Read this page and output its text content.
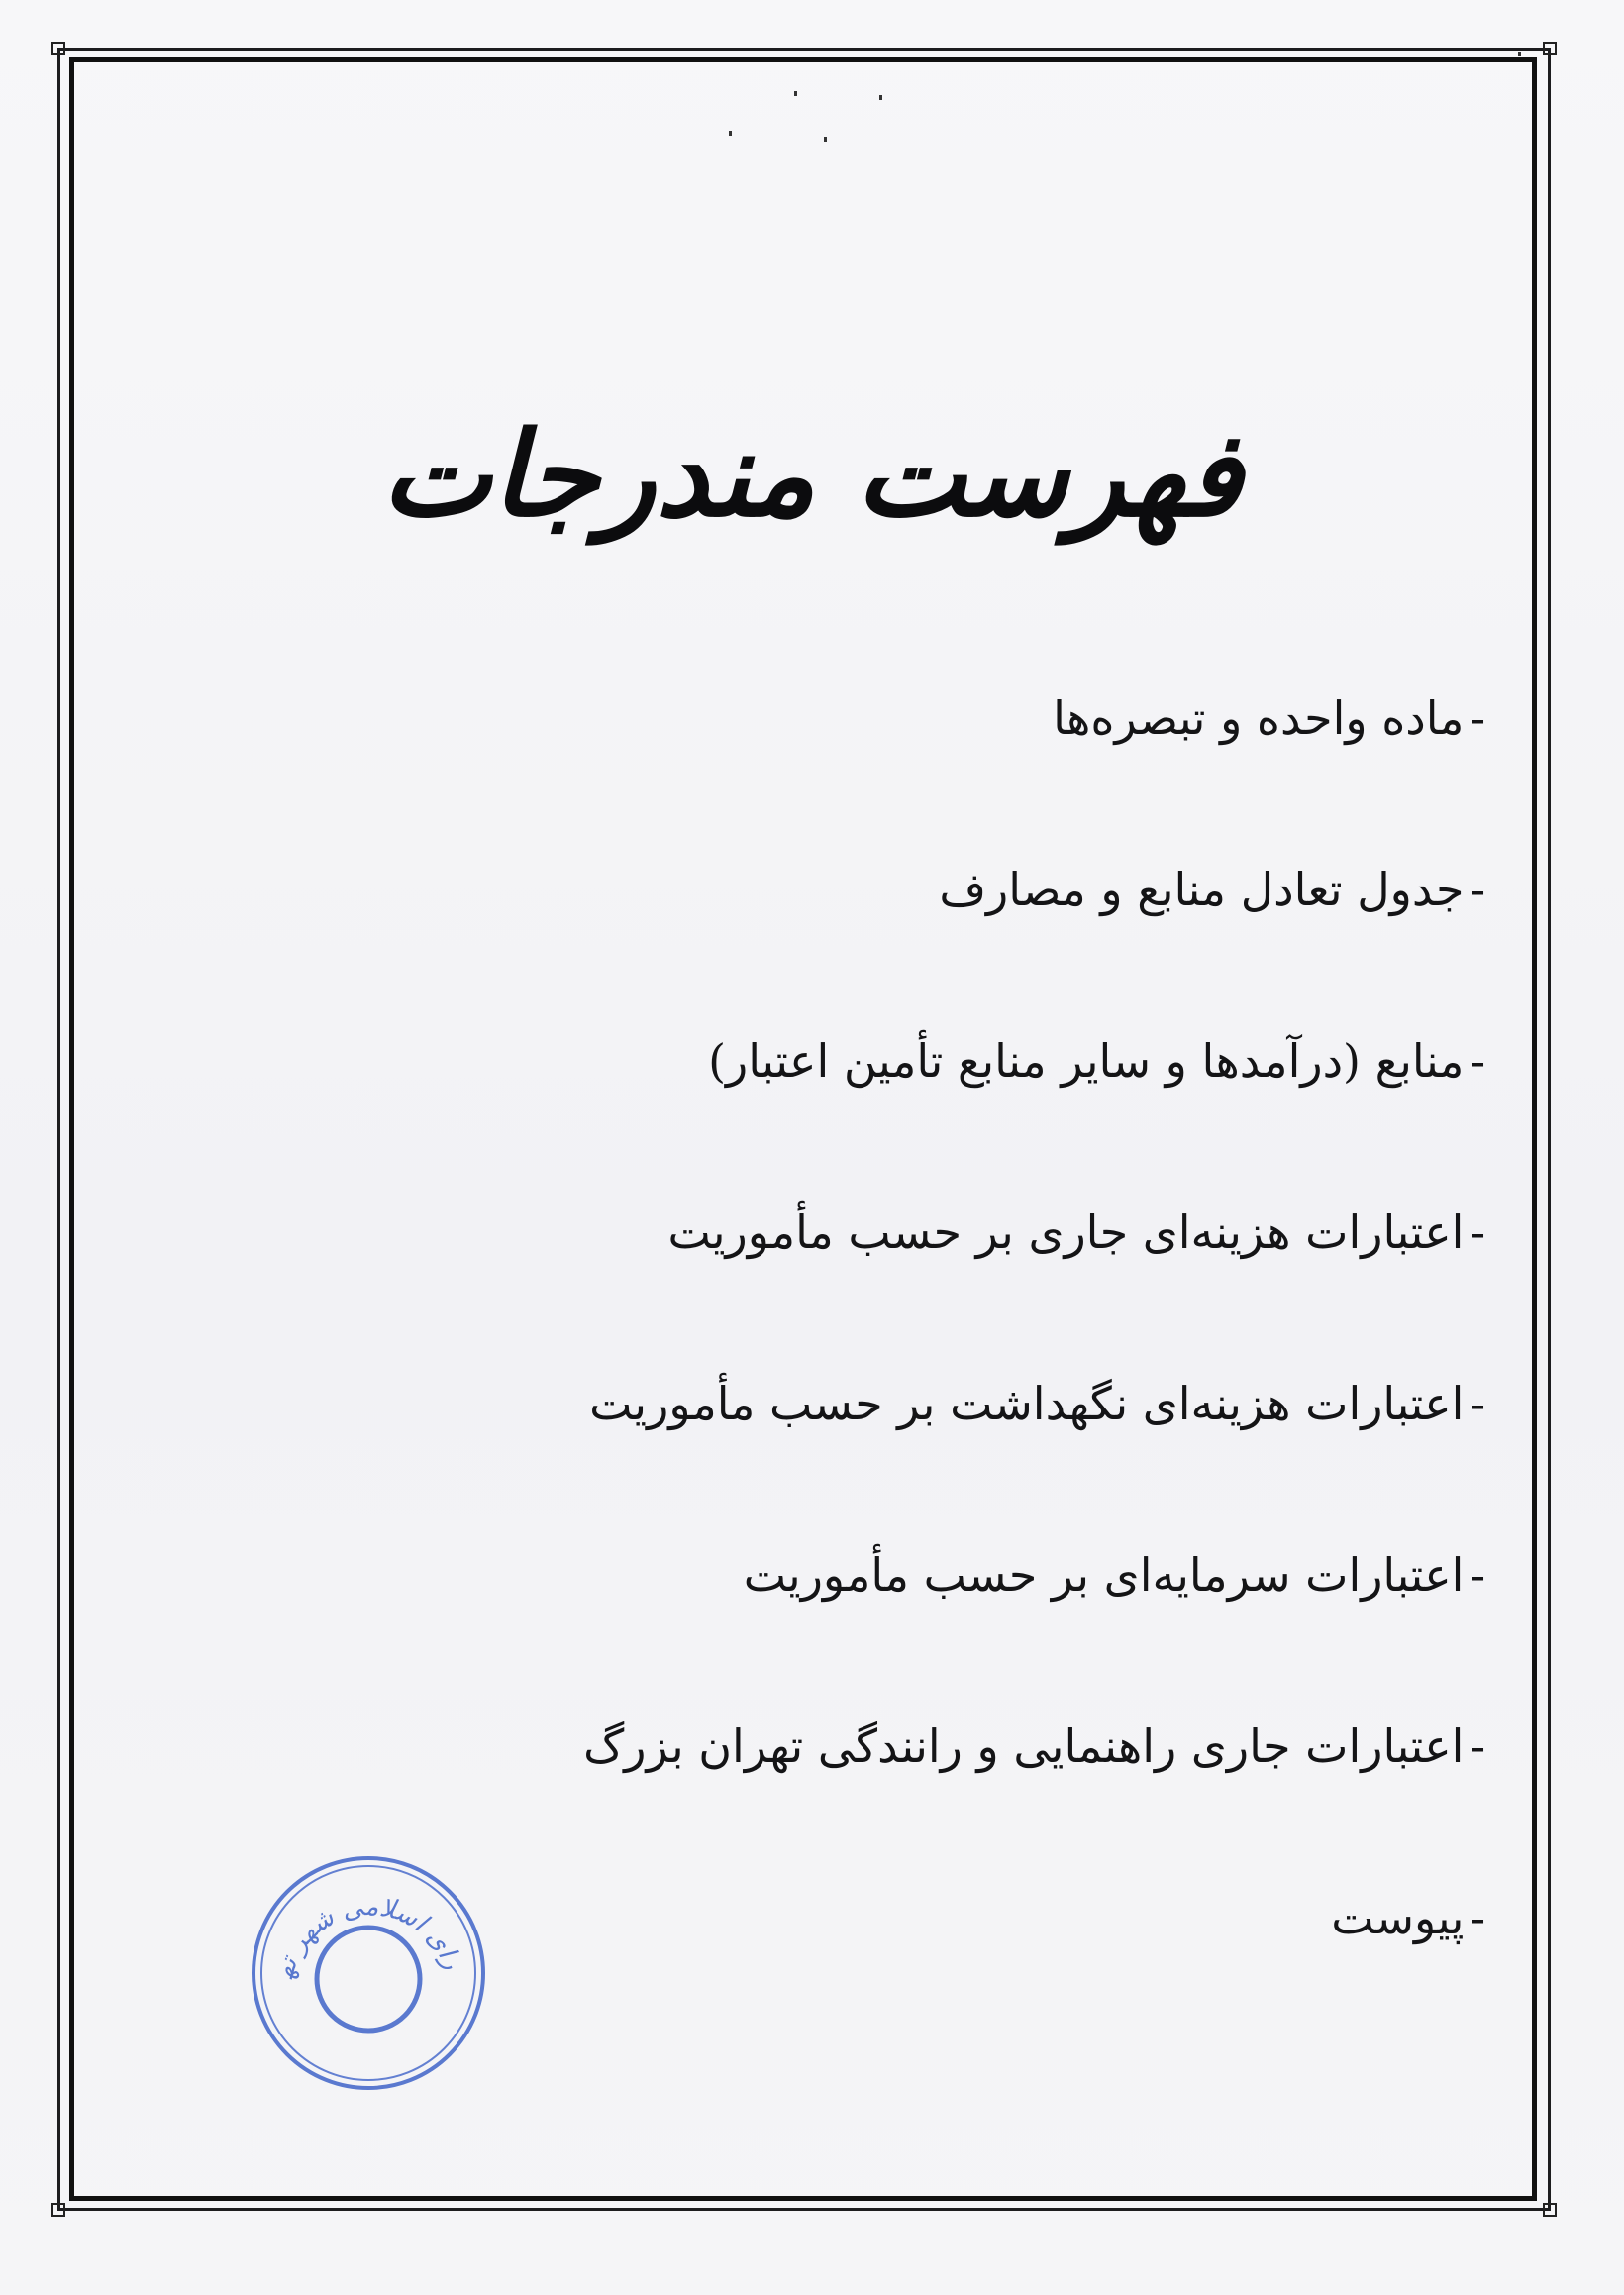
فهرست مندرجات
-ماده واحده و تبصره‌ها
-جدول تعادل منابع و مصارف
-منابع (درآمدها و سایر منابع تأمین اعتبار)
-اعتبارات هزینه‌ای جاری بر حسب مأموریت
-اعتبارات هزینه‌ای نگهداشت بر حسب مأموریت
-اعتبارات سرمایه‌ای بر حسب مأموریت
-اعتبارات جاری راهنمایی و رانندگی تهران بزرگ
-پیوست
رای اسلامی شهر ته
